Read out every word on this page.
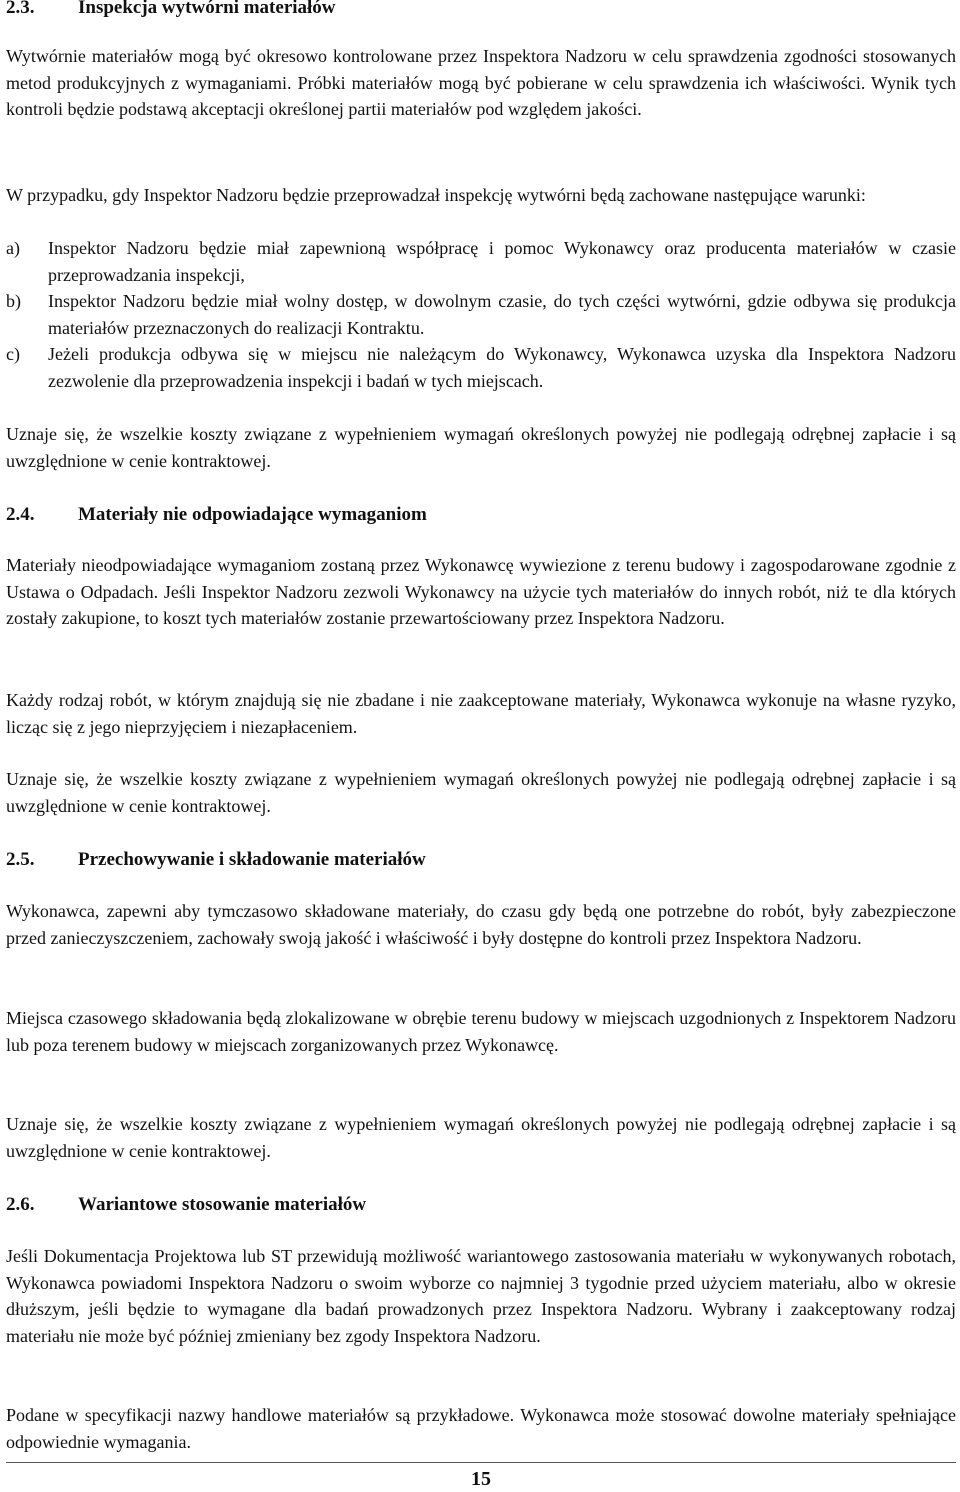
2.3. Inspekcja wytwórni materiałów

Wytwórnie materiałów mogą być okresowo kontrolowane przez Inspektora Nadzoru w celu sprawdzenia zgodności stosowanych metod produkcyjnych z wymaganiami. Próbki materiałów mogą być pobierane w celu sprawdzenia ich właściwości. Wynik tych kontroli będzie podstawą akceptacji określonej partii materiałów pod względem jakości.

W przypadku, gdy Inspektor Nadzoru będzie przeprowadzał inspekcję wytwórni będą zachowane następujące warunki:

a) Inspektor Nadzoru będzie miał zapewnioną współpracę i pomoc Wykonawcy oraz producenta materiałów w czasie przeprowadzania inspekcji,
b) Inspektor Nadzoru będzie miał wolny dostęp, w dowolnym czasie, do tych części wytwórni, gdzie odbywa się produkcja materiałów przeznaczonych do realizacji Kontraktu.
c) Jeżeli produkcja odbywa się w miejscu nie należącym do Wykonawcy, Wykonawca uzyska dla Inspektora Nadzoru zezwolenie dla przeprowadzenia inspekcji i badań w tych miejscach.

Uznaje się, że wszelkie koszty związane z wypełnieniem wymagań określonych powyżej nie podlegają odrębnej zapłacie i są uwzględnione w cenie kontraktowej.

2.4. Materiały nie odpowiadające wymaganiom

Materiały nieodpowiadające wymaganiom zostaną przez Wykonawcę wywiezione z terenu budowy i zagospodarowane zgodnie z Ustawa o Odpadach. Jeśli Inspektor Nadzoru zezwoli Wykonawcy na użycie tych materiałów do innych robót, niż te dla których zostały zakupione, to koszt tych materiałów zostanie przewartościowany przez Inspektora Nadzoru.

Każdy rodzaj robót, w którym znajdują się nie zbadane i nie zaakceptowane materiały, Wykonawca wykonuje na własne ryzyko, licząc się z jego nieprzyjęciem i niezapłaceniem.

Uznaje się, że wszelkie koszty związane z wypełnieniem wymagań określonych powyżej nie podlegają odrębnej zapłacie i są uwzględnione w cenie kontraktowej.

2.5. Przechowywanie i składowanie materiałów

Wykonawca, zapewni aby tymczasowo składowane materiały, do czasu gdy będą one potrzebne do robót, były zabezpieczone przed zanieczyszczeniem, zachowały swoją jakość i właściwość i były dostępne do kontroli przez Inspektora Nadzoru.

Miejsca czasowego składowania będą zlokalizowane w obrębie terenu budowy w miejscach uzgodnionych z Inspektorem Nadzoru lub poza terenem budowy w miejscach zorganizowanych przez Wykonawcę.

Uznaje się, że wszelkie koszty związane z wypełnieniem wymagań określonych powyżej nie podlegają odrębnej zapłacie i są uwzględnione w cenie kontraktowej.

2.6. Wariantowe stosowanie materiałów

Jeśli Dokumentacja Projektowa lub ST przewidują możliwość wariantowego zastosowania materiału w wykonywanych robotach, Wykonawca powiadomi Inspektora Nadzoru o swoim wyborze co najmniej 3 tygodnie przed użyciem materiału, albo w okresie dłuższym, jeśli będzie to wymagane dla badań prowadzonych przez Inspektora Nadzoru. Wybrany i zaakceptowany rodzaj materiału nie może być później zmieniany bez zgody Inspektora Nadzoru.

Podane w specyfikacji nazwy handlowe materiałów są przykładowe. Wykonawca może stosować dowolne materiały spełniające odpowiednie wymagania.

15
